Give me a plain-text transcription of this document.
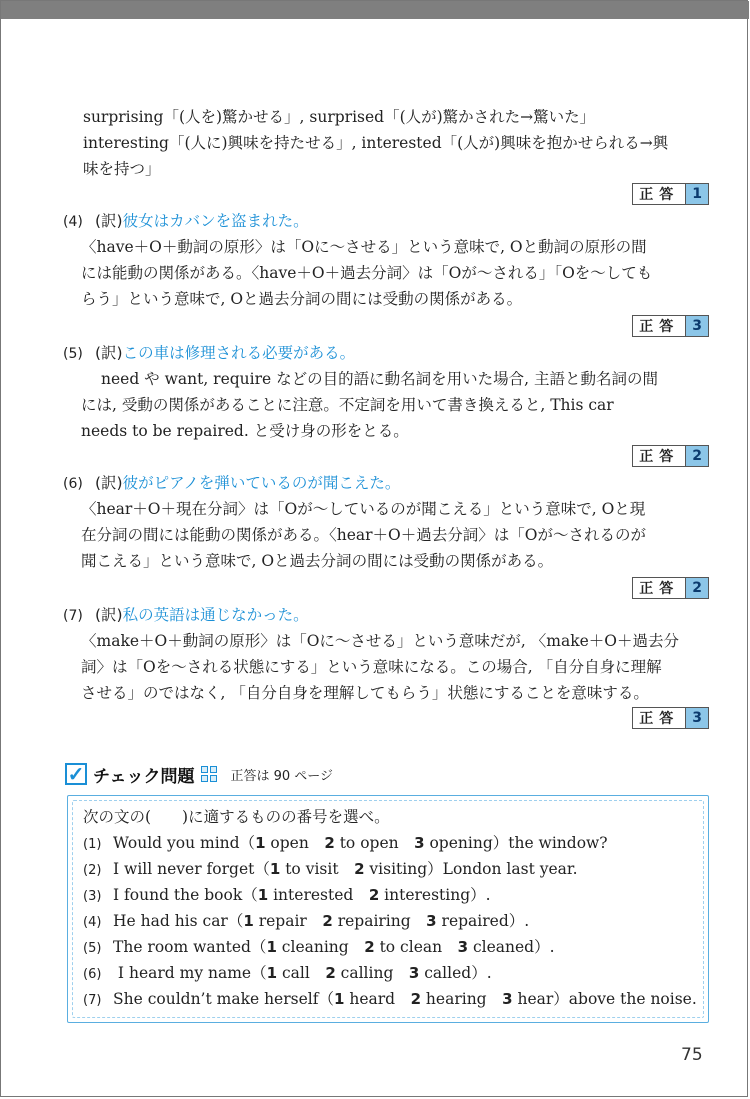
surprising「(人を)驚かせる」, surprised「(人が)驚かされた→驚いた」
interesting「(人に)興味を持たせる」, interested「(人が)興味を抱かせられる→興
味を持つ」
正答 1
(4) (訳)彼女はカバンを盗まれた。
〈have＋O＋動詞の原形〉は「Oに～させる」という意味で, Oと動詞の原形の間
には能動の関係がある。〈have＋O＋過去分詞〉は「Oが～される」「Oを～しても
らう」という意味で, Oと過去分詞の間には受動の関係がある。
正答 3
(5) (訳)この車は修理される必要がある。
need や want, require などの目的語に動名詞を用いた場合, 主語と動名詞の間
には, 受動の関係があることに注意。不定詞を用いて書き換えると, This car
needs to be repaired. と受け身の形をとる。
正答 2
(6) (訳)彼がピアノを弾いているのが聞こえた。
〈hear＋O＋現在分詞〉は「Oが～しているのが聞こえる」という意味で, Oと現
在分詞の間には能動の関係がある。〈hear＋O＋過去分詞〉は「Oが～されるのが
聞こえる」という意味で, Oと過去分詞の間には受動の関係がある。
正答 2
(7) (訳)私の英語は通じなかった。
〈make＋O＋動詞の原形〉は「Oに～させる」という意味だが, 〈make＋O＋過去分
詞〉は「Oを～される状態にする」という意味になる。この場合, 「自分自身に理解
させる」のではなく, 「自分自身を理解してもらう」状態にすることを意味する。
正答 3
✓ チェック問題	正答は 90 ページ
次の文の(　　)に適するものの番号を選べ。
(1) Would you mind（1 open　2 to open　3 opening）the window?
(2) I will never forget（1 to visit　2 visiting）London last year.
(3) I found the book（1 interested　2 interesting）.
(4) He had his car（1 repair　2 repairing　3 repaired）.
(5) The room wanted（1 cleaning　2 to clean　3 cleaned）.
(6) I heard my name（1 call　2 calling　3 called）.
(7) She couldn’t make herself（1 heard　2 hearing　3 hear）above the noise.
75
